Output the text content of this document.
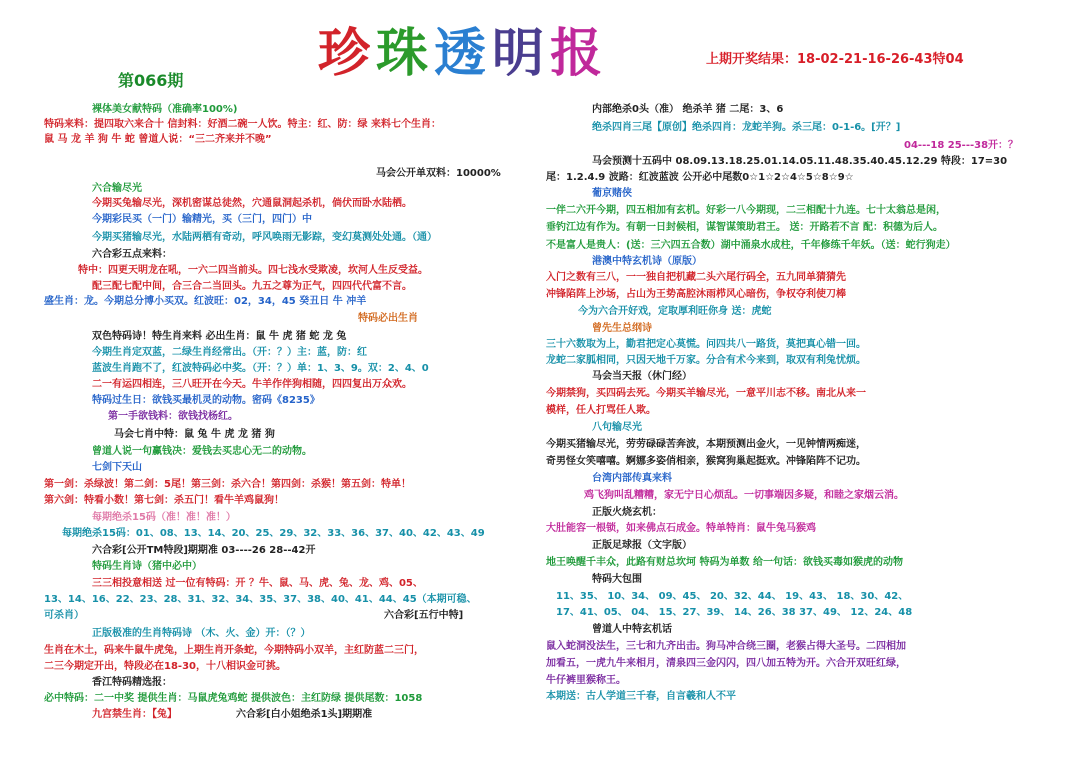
珍珠透明报	上期开奖结果：18-02-21-16-26-43特04
第066期
裸体美女献特码（准确率100%)
特码来料：提四取六来合十 信封料：好酒二碗一人饮。特主：红、防：绿 来料七个生肖：
鼠 马 龙 羊 狗 牛 蛇 曾道人说：“三二齐来并不晚”
马会公开单双料：10000%
六合输尽光
今期买兔输尽光，深机密谋总徒然，穴通鼠洞起杀机，倘伏而卧水陆栖。
今期彩民买（一门）输精光，买（三门，四门）中
今期买猪输尽光，水陆两栖有奇动，呼风唤雨无影踪，变幻莫测处处通。（通）
六合彩五点来料：
特中：四更天明龙在吼，一六二四当前头。四七浅水受欺凌，坎河人生反受益。
配三配七配中间，合三合二当回头。九五之尊为正气，四四代代富不言。
盛生肖：龙。今期总分博小买双。红波旺：02，34，45 癸丑日 牛 冲羊
特码必出生肖
双色特码诗！特生肖来料 必出生肖：鼠 牛 虎 猪 蛇 龙 兔
今期生肖定双蓝，二绿生肖经常出。（开：？）主：蓝，防：红
蓝波生肖跑不了，红波特码必中奖。（开：？）单：1、3、9。双：2、4、0
二一有运四相连，三八旺开在今天。牛羊作伴狗相随，四四复出万众欢。
特码过生日：欲钱买最机灵的动物。密码《8235》
第一手欲钱料：欲钱找杨红。
马会七肖中特：鼠 兔 牛 虎 龙 猪 狗
曾道人说一句赢钱决：爱钱去买忠心无二的动物。
七剑下天山
第一剑：杀绿波！第二剑：5尾！第三剑：杀六合！第四剑：杀猴！第五剑：特单！
第六剑：特看小数！第七剑：杀五门！看牛羊鸡鼠狗！
每期绝杀15码（准！准！准！）
每期绝杀15码：01、08、13、14、20、25、29、32、33、36、37、40、42、43、49
六合彩[公开TM特段]期期准 03----26 28--42开
特码生肖诗（猪中必中）
三三相投意相送 过一位有特码：开 ？牛、鼠、马、虎、兔、龙、鸡、05、
13、14、16、22、23、28、31、32、34、35、37、38、40、41、44、45（本期可稳、
可杀肖）	六合彩[五行中特]
正版极准的生肖特码诗 （木、火、金）开：（？）
生肖在木土，码来牛鼠牛虎兔，上期生肖开条蛇，今期特码小双羊，主红防蓝二三门，
二三今期定开出，特段必在18-30，十八相识金可挑。
香江特码精选报：
必中特码：二一中奖 提供生肖：马鼠虎兔鸡蛇 提供波色：主红防绿 提供尾数：1058
九宫禁生肖：【兔】	六合彩[白小姐绝杀1头]期期准
内部绝杀0头（准） 绝杀羊 猪 二尾：3、6
绝杀四肖三尾【原创】绝杀四肖：龙蛇羊狗。杀三尾：0-1-6。[开？]
04---18 25---38开：？
马会预测十五码中 08.09.13.18.25.01.14.05.11.48.35.40.45.12.29 特段：17=30
尾：1.2.4.9 波路：红波蓝波 公开必中尾数0☆1☆2☆4☆5☆8☆9☆
葡京赌侠
一伴二六开今期，四五相加有玄机。好彩一八今期现，二三相配十九连。七十太翁总是闲，
垂钓江边有作为。有朝一日封候相，谋智谋策助君王。 送：开路若不言 配：积德为后人。
不是富人是贵人：(送：三六四五合数）湖中涌泉水成柱，千年修练千年妖。（送：蛇行狗走）
港澳中特玄机诗（原版）
入门之数有三八，一一独自把机藏二头六尾行码全，五九同单猜猜先
冲锋陷阵上沙场，占山为王势高腔沐雨栉风心暗伤，争权夺利使刀棒
今为六合开好戏，定取厚利旺你身 送：虎蛇
曾先生总纲诗
三十六数取为上，勤君把定心莫慌。问四共八一路货，莫把真心错一回。
龙蛇二家胍相同，只因天地千万家。分合有术今来到，取双有利兔忧烦。
马会当天报（休门经）
今期禁狗，买四码去死。今期买羊输尽光，一意平川志不移。南北从来一
模样，任人打骂任人欺。
八句输尽光
今期买猪输尽光，劳劳碌碌苦奔波，本期预测出金火，一见钟情两痴迷，
奇男怪女笑嘻嘻。婀娜多姿俏相亲，猴窝狗巢起挺欢。冲锋陷阵不记功。
台湾内部传真来料
鸡飞狗叫乱糟糟，家无宁日心烦乱。一切事端因多疑，和睦之家烟云消。
正版火烧玄机：
大肚能容一根锁，如来佛点石成金。特单特肖：鼠牛兔马猴鸡
正版足球报（文字版）
地王唤醒千丰众，此路有财总坎坷 特码为单数 给一句话：欲钱买毒如猴虎的动物
特码大包围
11、35、 10、34、 09、45、 20、32、44、 19、43、 18、30、42、
17、41、05、 04、 15、27、39、 14、26、38 37、49、 12、24、48
曾道人中特玄机话
鼠入蛇洞没法生，三七和九齐出击。狗马冲合绕三圈，老猴占得大圣号。二四相加
加看五，一虎九牛来相月，清泉四三金闪闪，四八加五特为开。六合开双旺红绿，
牛仔裤里猴称王。
本期送：古人学道三千春，自言羲和人不平
